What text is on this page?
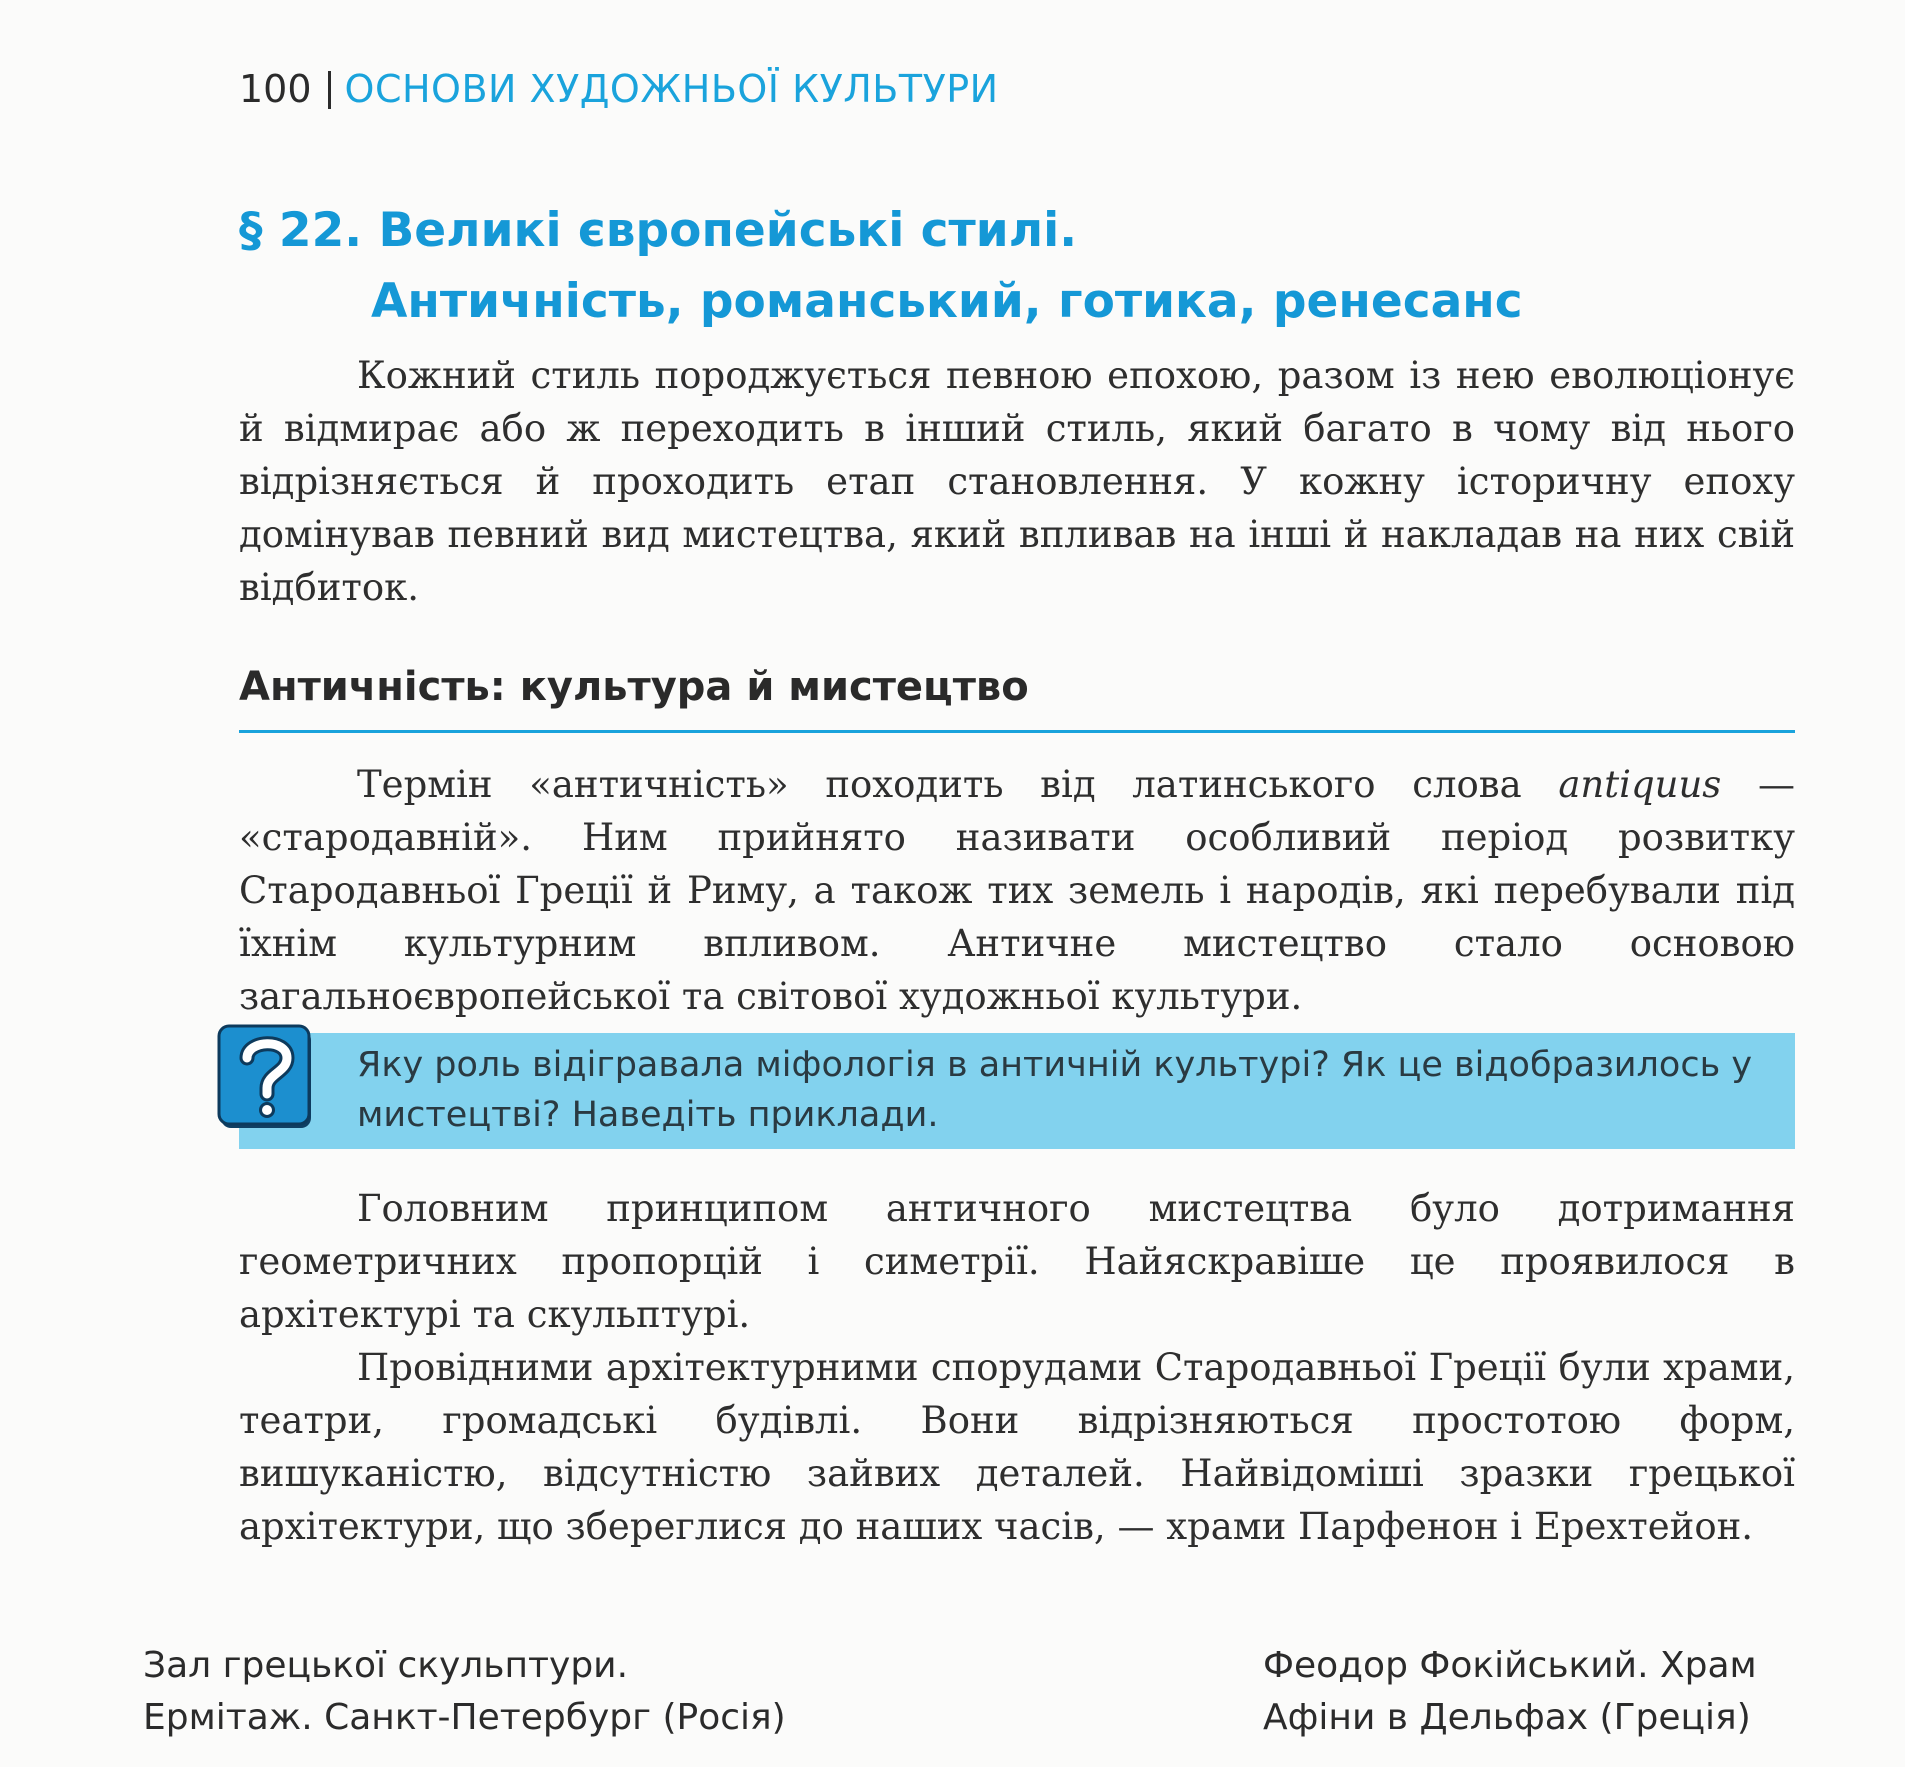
100 ОСНОВИ ХУДОЖНЬОЇ КУЛЬТУРИ
§ 22. Великі європейські стилі.
Античність, романський, готика, ренесанс

Кожний стиль породжується певною епохою, разом із нею еволюціонує й відмирає або ж переходить в інший стиль, який багато в чому від нього відрізняється й проходить етап становлення. У кожну історичну епоху домінував певний вид мистецтва, який впливав на інші й накладав на них свій відбиток.

Античність: культура й мистецтво

Термін «античність» походить від латинського слова antiquus — «стародавній». Ним прийнято називати особливий період розвитку Стародавньої Греції й Риму, а також тих земель і народів, які перебували під їхнім культурним впливом. Античне мистецтво стало основою загальноєвропейської та світової художньої культури.

Яку роль відігравала міфологія в античній культурі? Як це відобразилось у мистецтві? Наведіть приклади.

Головним принципом античного мистецтва було дотримання геометричних пропорцій і симетрії. Найяскравіше це проявилося в архітектурі та скульптурі.

Провідними архітектурними спорудами Стародавньої Греції були храми, театри, громадські будівлі. Вони відрізняються простотою форм, вишуканістю, відсутністю зайвих деталей. Найвідоміші зразки грецької архітектури, що збереглися до наших часів, — храми Парфенон і Ерехтейон.

Зал грецької скульптури.
Ермітаж. Санкт-Петербург (Росія)
Феодор Фокійський. Храм
Афіни в Дельфах (Греція)
